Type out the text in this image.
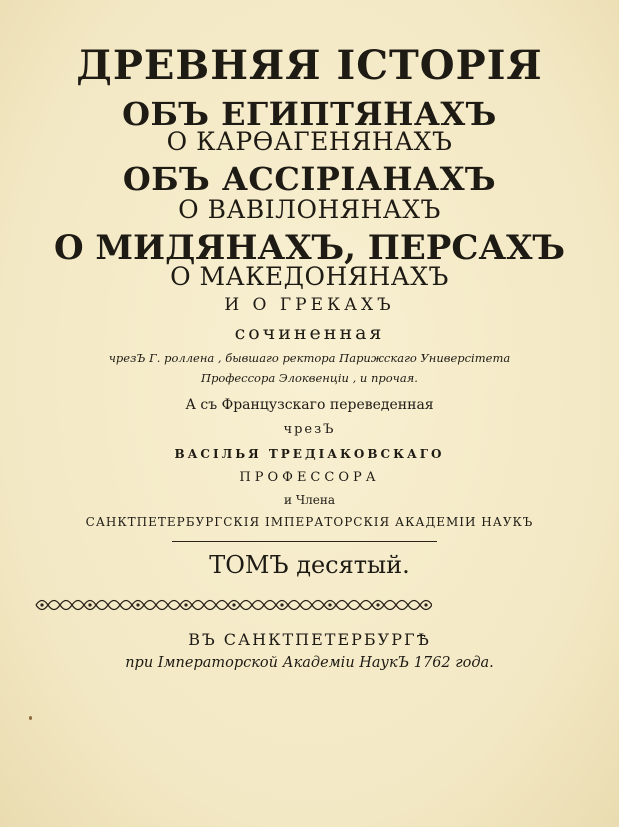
ДРЕВНЯЯ ІСТОРІЯ
ОБЪ ЕГИПТЯНАХЪ
О КАРѲАГЕНЯНАХЪ
ОБЪ АССІРІАНАХЪ
О ВАВІЛОНЯНАХЪ
О МИДЯНАХЪ, ПЕРСАХЪ
О МАКЕДОНЯНАХЪ
И О ГРЕКАХЪ
сочиненная
чрезЪ Г. роллена , бывшаго ректора Парижскаго Универсітета
Профессора Элоквенціи , и прочая.
А съ Французскаго переведенная
чрезЪ
ВАСІЛЬЯ ТРЕДІАКОВСКАГО
ПРОФЕССОРА
и Члена
САНКТПЕТЕРБУРГСКІЯ ІМПЕРАТОРСКІЯ АКАДЕМІИ НАУКЪ
ТОМЪ десятый.
ВЪ САНКТПЕТЕРБУРГѢ
при Імператорской Академіи НаукЪ 1762 года.
